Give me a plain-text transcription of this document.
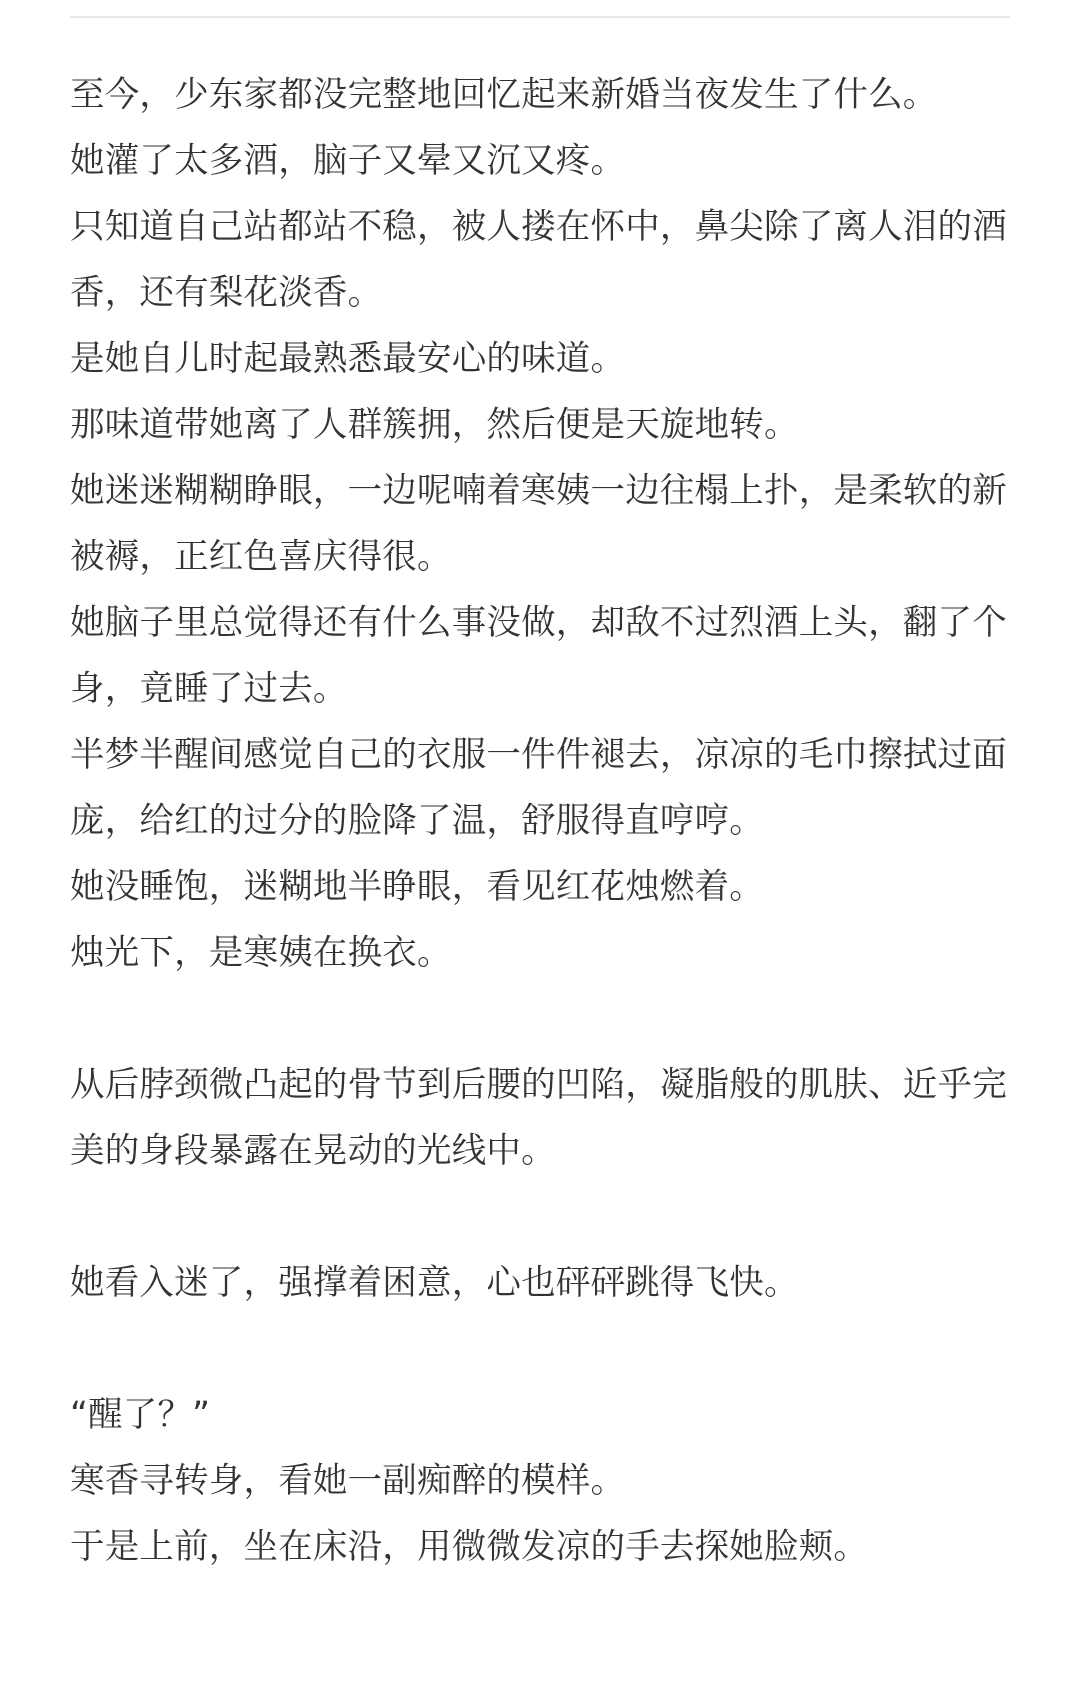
至今，少东家都没完整地回忆起来新婚当夜发生了什么。

她灌了太多酒，脑子又晕又沉又疼。

只知道自己站都站不稳，被人搂在怀中，鼻尖除了离人泪的酒香，还有梨花淡香。

是她自儿时起最熟悉最安心的味道。

那味道带她离了人群簇拥，然后便是天旋地转。

她迷迷糊糊睁眼，一边呢喃着寒姨一边往榻上扑，是柔软的新被褥，正红色喜庆得很。

她脑子里总觉得还有什么事没做，却敌不过烈酒上头，翻了个身，竟睡了过去。

半梦半醒间感觉自己的衣服一件件褪去，凉凉的毛巾擦拭过面庞，给红的过分的脸降了温，舒服得直哼哼。

她没睡饱，迷糊地半睁眼，看见红花烛燃着。

烛光下，是寒姨在换衣。

从后脖颈微凸起的骨节到后腰的凹陷，凝脂般的肌肤、近乎完美的身段暴露在晃动的光线中。

她看入迷了，强撑着困意，心也砰砰跳得飞快。

“醒了？”

寒香寻转身，看她一副痴醉的模样。

于是上前，坐在床沿，用微微发凉的手去探她脸颊。
